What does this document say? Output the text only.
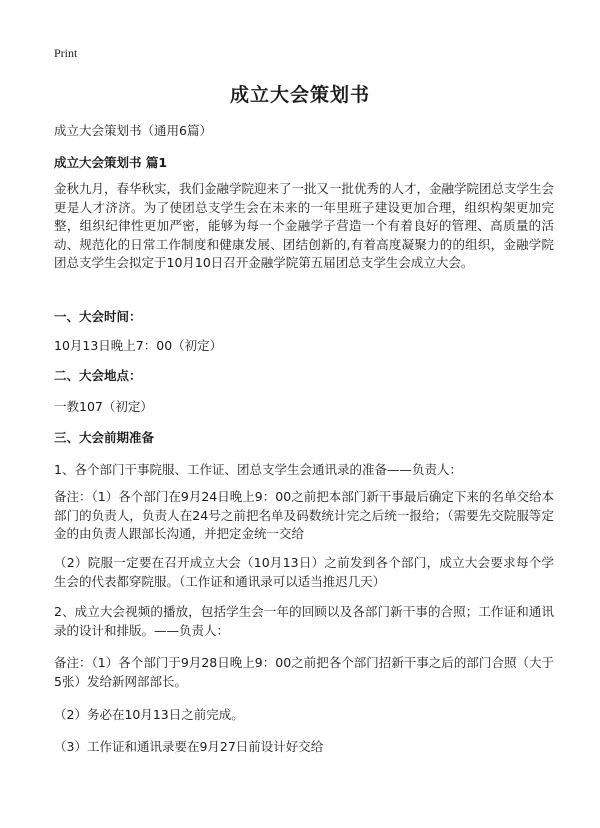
Print
成立大会策划书
成立大会策划书（通用6篇）
成立大会策划书 篇1
金秋九月，春华秋实，我们金融学院迎来了一批又一批优秀的人才，金融学院团总支学生会更是人才济济。为了使团总支学生会在未来的一年里班子建设更加合理，组织构架更加完整，组织纪律性更加严密，能够为每一个金融学子营造一个有着良好的管理、高质量的活动、规范化的日常工作制度和健康发展、团结创新的,有着高度凝聚力的的组织，金融学院团总支学生会拟定于10月10日召开金融学院第五届团总支学生会成立大会。
一、大会时间：
10月13日晚上7：00（初定）
二、大会地点：
一教107（初定）
三、大会前期准备
1、各个部门干事院服、工作证、团总支学生会通讯录的准备——负责人：
备注：（1）各个部门在9月24日晚上9：00之前把本部门新干事最后确定下来的名单交给本部门的负责人，负责人在24号之前把名单及码数统计完之后统一报给；（需要先交院服等定金的由负责人跟部长沟通，并把定金统一交给
（2）院服一定要在召开成立大会（10月13日）之前发到各个部门，成立大会要求每个学生会的代表都穿院服。（工作证和通讯录可以适当推迟几天）
2、成立大会视频的播放，包括学生会一年的回顾以及各部门新干事的合照；工作证和通讯录的设计和排版。——负责人：
备注：（1）各个部门于9月28日晚上9：00之前把各个部门招新干事之后的部门合照（大于5张）发给新网部部长。
（2）务必在10月13日之前完成。
（3）工作证和通讯录要在9月27日前设计好交给
